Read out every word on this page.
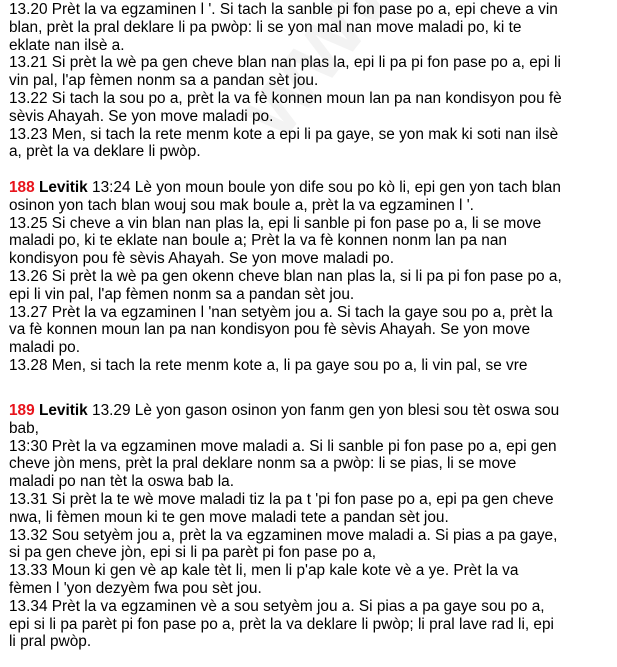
13.20 Prèt la va egzaminen l '. Si tach la sanble pi fon pase po a, epi cheve a vin
blan, prèt la pral deklare li pa pwòp: li se yon mal nan move maladi po, ki te
eklate nan ilsè a.
13.21 Si prèt la wè pa gen cheve blan nan plas la, epi li pa pi fon pase po a, epi li
vin pal, l'ap fèmen nonm sa a pandan sèt jou.
13.22 Si tach la sou po a, prèt la va fè konnen moun lan pa nan kondisyon pou fè
sèvis Ahayah. Se yon move maladi po.
13.23 Men, si tach la rete menm kote a epi li pa gaye, se yon mak ki soti nan ilsè
a, prèt la va deklare li pwòp.
188 Levitik 13:24 Lè yon moun boule yon dife sou po kò li, epi gen yon tach blan
osinon yon tach blan wouj sou mak boule a, prèt la va egzaminen l '.
13.25 Si cheve a vin blan nan plas la, epi li sanble pi fon pase po a, li se move
maladi po, ki te eklate nan boule a; Prèt la va fè konnen nonm lan pa nan
kondisyon pou fè sèvis Ahayah. Se yon move maladi po.
13.26 Si prèt la wè pa gen okenn cheve blan nan plas la, si li pa pi fon pase po a,
epi li vin pal, l'ap fèmen nonm sa a pandan sèt jou.
13.27 Prèt la va egzaminen l 'nan setyèm jou a. Si tach la gaye sou po a, prèt la
va fè konnen moun lan pa nan kondisyon pou fè sèvis Ahayah. Se yon move
maladi po.
13.28 Men, si tach la rete menm kote a, li pa gaye sou po a, li vin pal, se vre
189 Levitik 13.29 Lè yon gason osinon yon fanm gen yon blesi sou tèt oswa sou
bab,
13:30 Prèt la va egzaminen move maladi a. Si li sanble pi fon pase po a, epi gen
cheve jòn mens, prèt la pral deklare nonm sa a pwòp: li se pias, li se move
maladi po nan tèt la oswa bab la.
13.31 Si prèt la te wè move maladi tiz la pa t 'pi fon pase po a, epi pa gen cheve
nwa, li fèmen moun ki te gen move maladi tete a pandan sèt jou.
13.32 Sou setyèm jou a, prèt la va egzaminen move maladi a. Si pias a pa gaye,
si pa gen cheve jòn, epi si li pa parèt pi fon pase po a,
13.33 Moun ki gen vè ap kale tèt li, men li p'ap kale kote vè a ye. Prèt la va
fèmen l 'yon dezyèm fwa pou sèt jou.
13.34 Prèt la va egzaminen vè a sou setyèm jou a. Si pias a pa gaye sou po a,
epi si li pa parèt pi fon pase po a, prèt la va deklare li pwòp; li pral lave rad li, epi
li pral pwòp.
